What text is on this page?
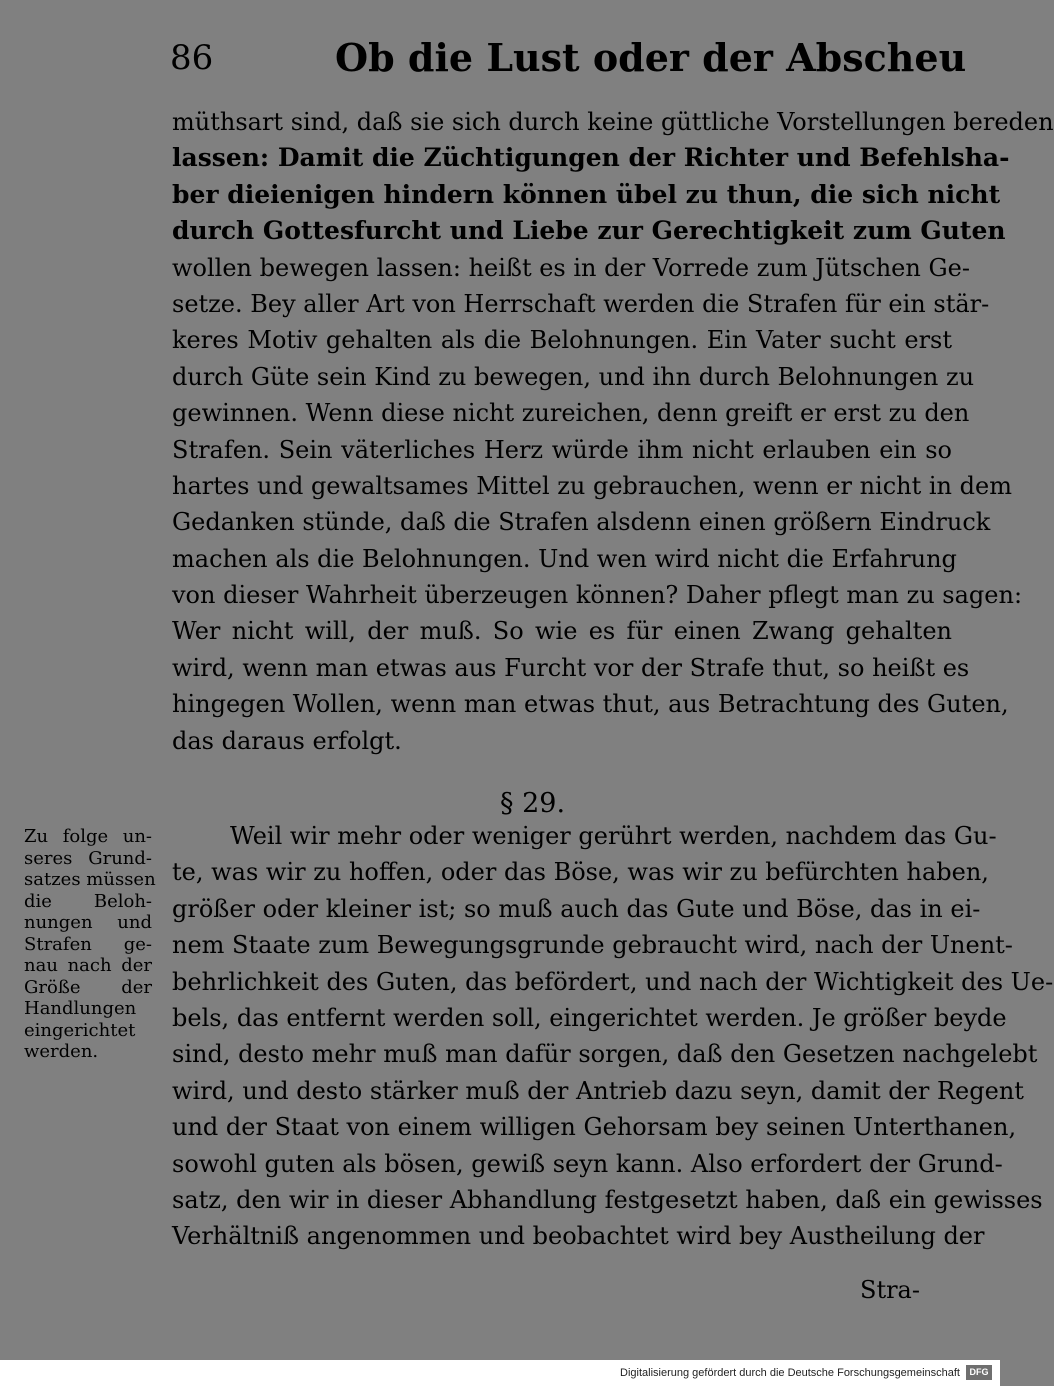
86	Ob die Lust oder der Abscheu
müthsart sind, daß sie sich durch keine güttliche Vorstellungen bereden
lassen: Damit die Züchtigungen der Richter und Befehlsha-
ber dieienigen hindern können übel zu thun, die sich nicht
durch Gottesfurcht und Liebe zur Gerechtigkeit zum Guten
wollen bewegen lassen: heißt es in der Vorrede zum Jütschen Ge-
setze. Bey aller Art von Herrschaft werden die Strafen für ein stär-
keres Motiv gehalten als die Belohnungen. Ein Vater sucht erst
durch Güte sein Kind zu bewegen, und ihn durch Belohnungen zu
gewinnen. Wenn diese nicht zureichen, denn greift er erst zu den
Strafen. Sein väterliches Herz würde ihm nicht erlauben ein so
hartes und gewaltsames Mittel zu gebrauchen, wenn er nicht in dem
Gedanken stünde, daß die Strafen alsdenn einen größern Eindruck
machen als die Belohnungen. Und wen wird nicht die Erfahrung
von dieser Wahrheit überzeugen können? Daher pflegt man zu sagen:
Wer nicht will, der muß. So wie es für einen Zwang gehalten
wird, wenn man etwas aus Furcht vor der Strafe thut, so heißt es
hingegen Wollen, wenn man etwas thut, aus Betrachtung des Guten,
das daraus erfolgt.
§ 29.
Zu folge un-
seres Grund-
satzes müssen
die Beloh-
nungen und
Strafen ge-
nau nach der
Größe der
Handlungen
eingerichtet
werden.
Weil wir mehr oder weniger gerührt werden, nachdem das Gu-
te, was wir zu hoffen, oder das Böse, was wir zu befürchten haben,
größer oder kleiner ist; so muß auch das Gute und Böse, das in ei-
nem Staate zum Bewegungsgrunde gebraucht wird, nach der Unent-
behrlichkeit des Guten, das befördert, und nach der Wichtigkeit des Ue-
bels, das entfernt werden soll, eingerichtet werden. Je größer beyde
sind, desto mehr muß man dafür sorgen, daß den Gesetzen nachgelebt
wird, und desto stärker muß der Antrieb dazu seyn, damit der Regent
und der Staat von einem willigen Gehorsam bey seinen Unterthanen,
sowohl guten als bösen, gewiß seyn kann. Also erfordert der Grund-
satz, den wir in dieser Abhandlung festgesetzt haben, daß ein gewisses
Verhältniß angenommen und beobachtet wird bey Austheilung der
Stra-
Digitalisierung gefördert durch die Deutsche Forschungsgemeinschaft	DFG
